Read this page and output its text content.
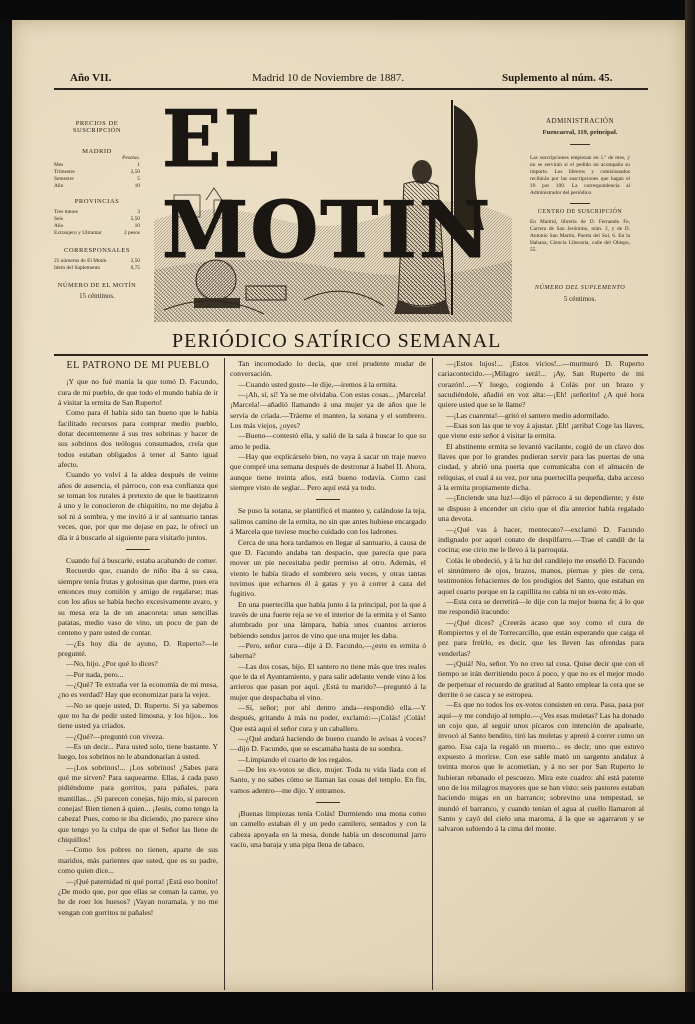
Año VII.	Madrid 10 de Noviembre de 1887.	Suplemento al núm. 45.
PRECIOS DE SUSCRIPCIÓN
MADRID
Pesetas.
Mes	1
Trimestre	2,50
Semestre	5
Año	10
PROVINCIAS
Tres meses	3
Seis	5,50
Año	10
Extranjero y Ultramar	2 pesos
CORRESPONSALES
25 números de El Motín	2,50
Idem del Suplemento	0,75
NÚMERO DE EL MOTÍN
15 céntimos.
EL MOTIN
ADMINISTRACIÓN
Fuencarral, 119, principal.
Las suscripciones empiezan en 1.º de mes, y no se servirán si el pedido no acompaña su importe. Los libreros y comisionados recibirán por las suscripciones que hagan el 10 por 100. La correspondencia al Administrador del periódico.
CENTRO DE SUSCRIPCIÓN
En Madrid, librería de D. Fernando Fe, Carrera de San Jerónimo, núm. 2, y de D. Antonio San Martín, Puerta del Sol, 6. En la Habana, Ciencia Liberaria, calle del Obispo, 55.
NÚMERO DEL SUPLEMENTO
5 céntimos.
PERIÓDICO SATÍRICO SEMANAL

EL PATRONO DE MI PUEBLO

¡Y que no fué manía la que tomó D. Facundo, cura de mi pueblo, de que todo el mundo había de ir á visitar la ermita de San Ruperto!

Como para él había sido tan bueno que le había facilitado recursos para comprar medio pueblo, dotar decentemente á sus tres sobrinas y hacer de sus sobrinos dos teólogos consumados, creía que todos estaban obligados á tener al Santo igual afecto.

Cuando yo volví á la aldea después de veinte años de ausencia, el párroco, con esa confianza que se toman los rurales á pretexto de que le bautizaron á uno y le conocieron de chiquitito, no me dejaba á sol ni á sombra, y me invitó á ir al santuario tantas veces, que, por que me dejase en paz, le ofrecí un día ir á buscarle al siguiente para visitarlo juntos.

Cuando fuí á buscarle, estaba acabando de comer.

Recuerdo que, cuando de niño iba á su casa, siempre tenía frutas y golosinas que darme, pues era entonces muy comilón y amigo de regalarse; mas con los años se había hecho excesivamente avaro, y su mesa era la de un anacoreta: unas sencillas patatas, medio vaso de vino, un poco de pan de centeno y pare usted de contar.

—¿Es hoy día de ayuno, D. Ruperto?—le pregunté.

—No, hijo. ¿Por qué lo dices?

—Por nada, pero...

—¿Qué? Te extraña ver la economía de mi mesa, ¿no es verdad? Hay que economizar para la vejez.

—No se queje usted, D. Ruperto. Si ya sabemos que no ha de pedir usted limosna, y los hijos... los tiene usted ya criados.

—¿Qué?—preguntó con viveza.

—Es un decir... Para usted solo, tiene bastante. Y luego, los sobrinos no le abandonarían á usted.

—¡Los sobrinos!... ¡Los sobrinos! ¿Sabes para qué me sirven? Para saquearme. Ellas, á cada paso pidiéndome para gorritos, para pañales, para mantillas... ¡Si parecen conejas, hijo mío, si parecen conejas! Bien tienen á quien... ¡Jesús, como tengo la cabeza! Pues, como te iba diciendo, ¡no parece sino que tengo yo la culpa de que el Señor las llene de chiquillos!

—Como los pobres no tienen, aparte de sus maridos, más parientes que usted, que es su padre, como quien dice...

—¡Qué paternidad ni qué porra! ¡Está eso bonito! ¿De modo que, por que ellas se coman la carne, yo he de roer los huesos? ¡Vayan noramala, y no me vengan con gorritos ni pañales!

Tan incomodado lo decía, que creí prudente mudar de conversación.

—Cuando usted guste—le dije,—iremos á la ermita.

—¡Ah, sí, sí! Ya se me olvidaba. Con estas cosas... ¡Marcela! ¡Marcela!—añadió llamando á una mujer ya de años que le servía de criada.—Tráeme el manteo, la sotana y el sombrero. Los más viejos, ¿oyes?

—Bueno—contestó ella, y salió de la sala á buscar lo que su amo le pedía.

—Hay que explicárselo bien, no vaya á sacar un traje nuevo que compré una semana después de destronar á Isabel II. Ahora, aunque tiene treinta años, está bueno todavía. Como casi siempre visto de seglar... Pero aquí está ya todo.

Se puso la sotana, se plantificó el manteo y, calándose la teja, salimos camino de la ermita, no sin que antes hubiese encargado á Marcela que tuviese mucho cuidado con los ladrones.

Cerca de una hora tardamos en llegar al santuario, á causa de que D. Facundo andaba tan despacio, que parecía que para mover un pie necesitaba pedir permiso al otro. Además, el viento le había tirado el sombrero seis veces, y otras tantas tuvimos que echarnos él á gatas y yo á correr á caza del fugitivo.

En una puertecilla que había junto á la principal, por la que á través de una fuerte reja se ve el interior de la ermita y el Santo alumbrado por una lámpara, había unos cuantos arrieros bebiendo sendos jarros de vino que una mujer les daba.

—Pero, señor cura—dije á D. Facundo,—¿esto es ermita ó taberna?

—Las dos cosas, hijo. El santero no tiene más que tres reales que le da el Ayuntamiento, y para salir adelante vende vino á los arrieros que pasan por aquí. ¿Está tu marido?—preguntó á la mujer que despachaba el vino.

—Sí, señor; por ahí dentro anda—respondió ella.—Y después, gritando á más no poder, exclamó:—¡Colás! ¡Colás! Que está aquí el señor cura y un caballero.

—¿Qué andará haciendo de bueno cuando le avisas á voces?—dijo D. Facundo, que se escamaba hasta de su sombra.

—Limpiando el cuarto de los regalos.

—De los ex-votos se dice, mujer. Toda tu vida liada con el Santo, y no sabes cómo se llaman las cosas del templo. En fin, vamos adentro—me dijo. Y entramos.

¡Buenas limpiezas tenía Colás! Durmiendo una mona como un camello estaban él y un pedo camilero, sentados y con la cabeza apoyada en la mesa, donde había un descomunal jarro vacío, una baraja y una pipa llena de tabaco.

—¡Estos lujos!... ¡Estos vicios!...—murmuró D. Ruperto cariacontecido.—¡Milagro será!... ¡Ay, San Ruperto de mi corazón!...—Y luego, cogiendo á Colás por un brazo y sacudiéndole, añadió en voz alta:—¡Eh! ¡señorito! ¿A qué hora quiere usted que se le llame?

—¡Las cuarenta!—gritó el santero medio adormilado.

—Esas son las que te voy á ajustar. ¡Eh! ¡arriba! Coge las llaves, que viene este señor á visitar la ermita.

El abstinente ermita se levantó vacilante, cogió de un clavo dos llaves que por lo grandes pudieran servir para las puertas de una ciudad, y abrió una puerta que comunicaba con el almacén de reliquias, el cual á su vez, por una puertecilla pequeña, daba acceso á la ermita propiamente dicha.

—¡Enciende una luz!—dijo el párroco á su dependiente; y éste se dispuso á encender un cirio que el día anterior había regalado una devota.

—¿Qué vas á hacer, mentecato?—exclamó D. Facundo indignado por aquel conato de despilfarro.—Trae el candil de la cocina; ese cirio me le llevo á la parroquia.

Colás le obedeció, y á la luz del candilejo me enseñó D. Facundo el sinnúmero de ojos, brazos, manos, piernas y pies de cera, testimonios fehacientes de los prodigios del Santo, que estaban en aquel cuarto porque en la capillita no cabía ni un ex-voto más.

—Esta cera se derretirá—le dije con la mejor buena fe; á lo que me respondió iracundo:

—¿Qué dices? ¿Creerás acaso que soy como el cura de Rompiertos y el de Torrecarcillo, que están esperando que caiga el pez para freírlo, es decir, que les lleven las ofrendas para venderlas?

—¡Quiá! No, señor. Yo no creo tal cosa. Quise decir que con el tiempo se irán derritiendo poco á poco, y que no es el mejor modo de perpetuar el recuerdo de gratitud al Santo emplear la cera que se derrite ó se casca y se estropea.

—Es que no todos los ex-votos consisten en cera. Pasa, pasa por aquí—y me condujo al templo.—¿Ves esas muletas? Las ha donado un cojo que, al seguir unos pícaros con intención de apalearle, invocó al Santo bendito, tiró las muletas y apretó á correr como un gamo. Esa caja la regaló un muerto... es decir, uno que estuvo expuesto á morirse. Con ese sable mató un sargento andaluz á treinta moros que le acometían, y á no ser por San Ruperto le hubieran rebanado el pescuezo. Mira este cuadro: ahí está patente uno de los milagros mayores que se han visto: seis pastores estaban haciendo migas en un barranco; sobrevino una tempestad, se inundó el barranco, y cuando tenían el agua al cuello llamaron al Santo y cayó del cielo una maroma, á la que se agarraron y se salvaron subiendo á la cima del monte.
